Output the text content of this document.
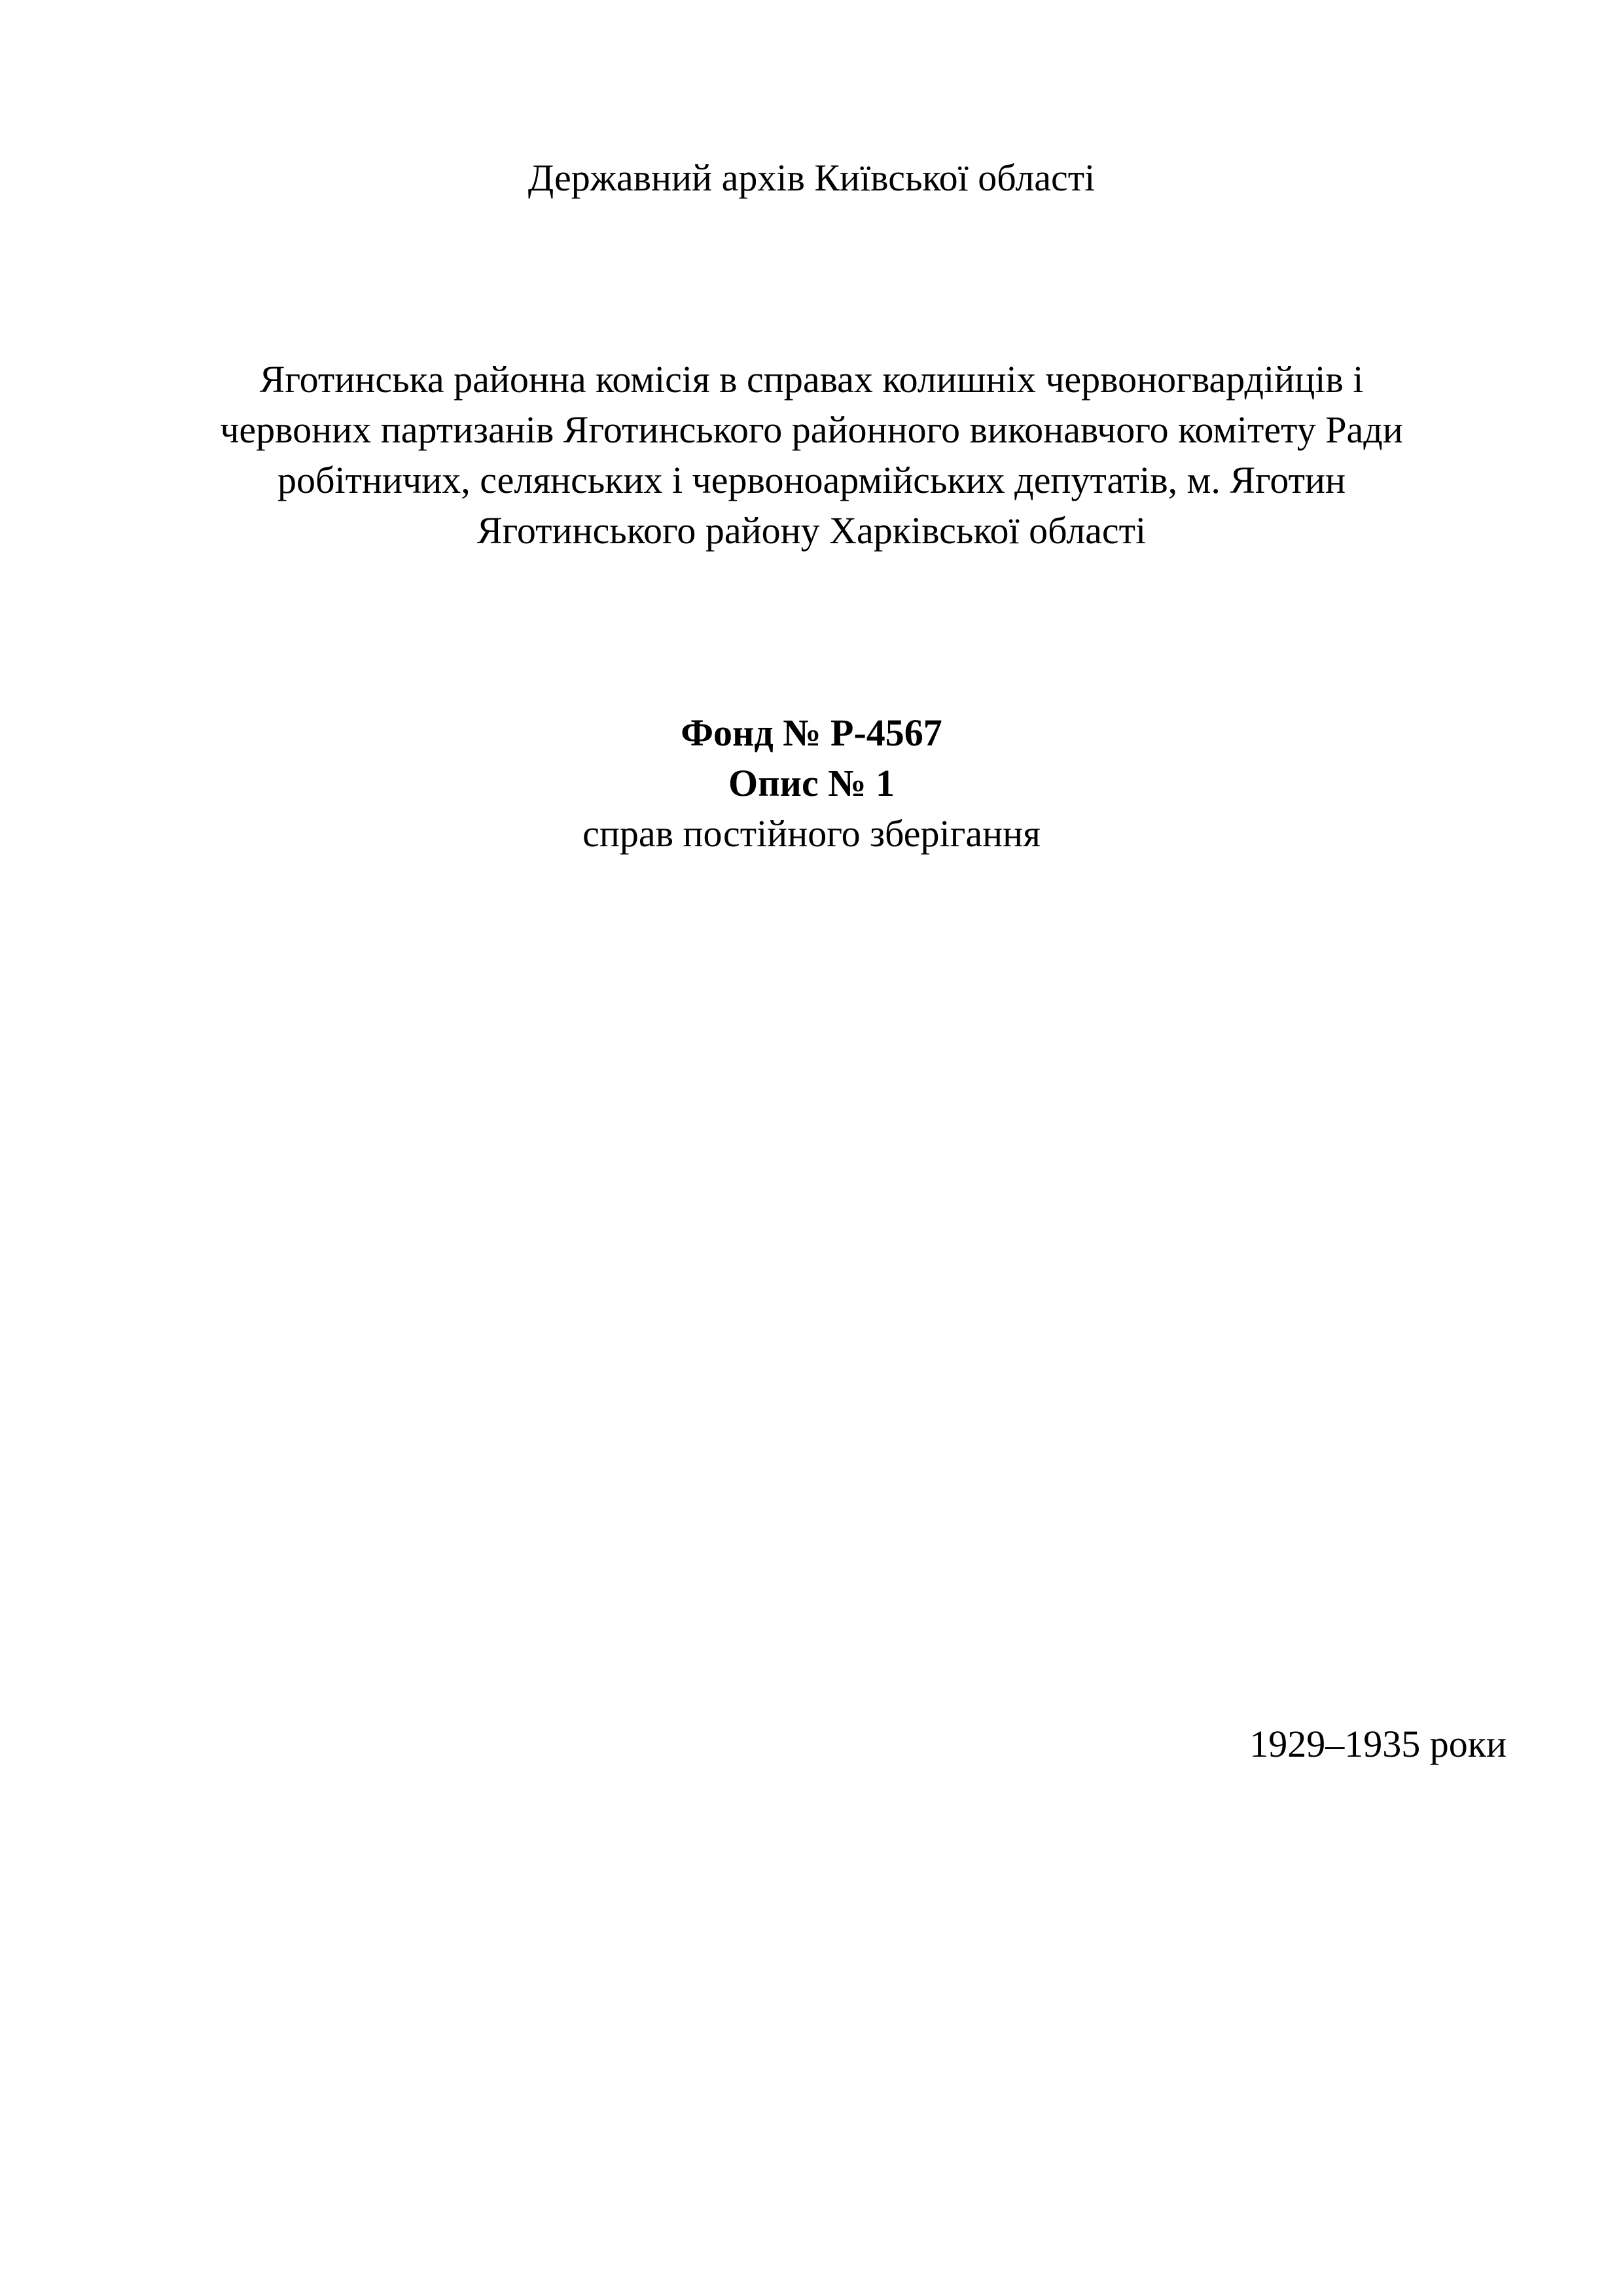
Державний архів Київської області
Яготинська районна комісія в справах колишніх червоногвардійців і
червоних партизанів Яготинського районного виконавчого комітету Ради
робітничих, селянських і червоноармійських депутатів, м. Яготин
Яготинського району Харківської області
Фонд № Р-4567
Опис № 1
справ постійного зберігання
1929–1935 роки
